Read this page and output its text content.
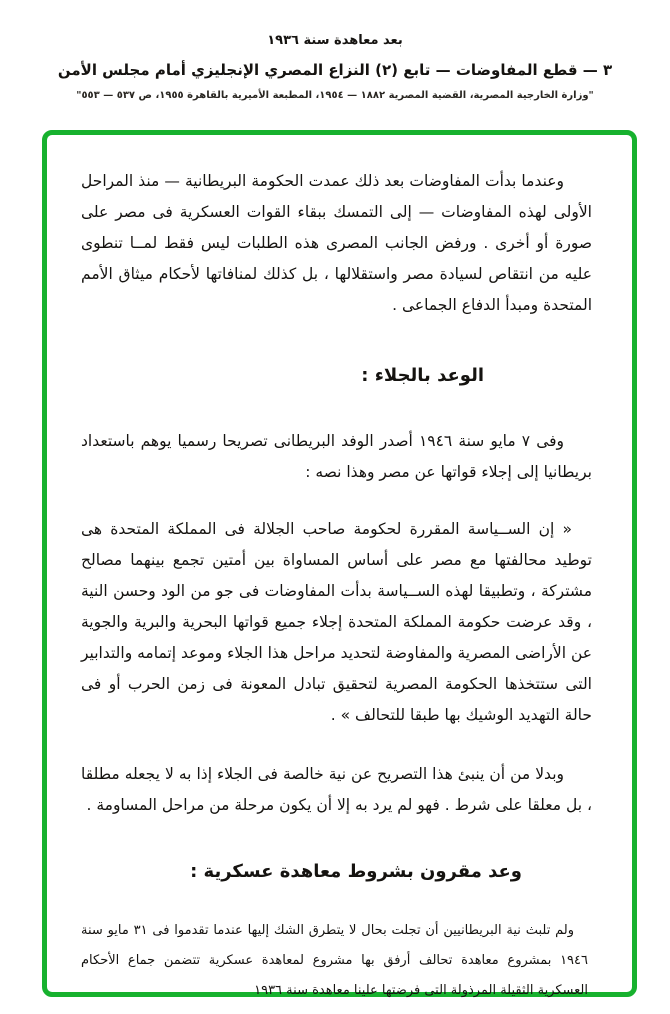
بعد معاهدة سنة ١٩٣٦
٣ — قطع المفاوضات — تابع (٢) النزاع المصري الإنجليزي أمام مجلس الأمن
"وزارة الخارجية المصرية، القضية المصرية ١٨٨٢ — ١٩٥٤، المطبعة الأميرية بالقاهرة ١٩٥٥، ص ٥٣٧ — ٥٥٣"

وعندما بدأت المفاوضات بعد ذلك عمدت الحكومة البريطانية — منذ المراحل الأولى لهذه المفاوضات — إلى التمسك ببقاء القوات العسكرية فى مصر على صورة أو أخرى . ورفض الجانب المصرى هذه الطلبات ليس فقط لمــا تنطوى عليه من انتقاص لسيادة مصر واستقلالها ، بل كذلك لمنافاتها لأحكام ميثاق الأمم المتحدة ومبدأ الدفاع الجماعى .

الوعد بالجلاء :

وفى ٧ مايو سنة ١٩٤٦ أصدر الوفد البريطانى تصريحا رسميا يوهم باستعداد بريطانيا إلى إجلاء قواتها عن مصر وهذا نصه :

« إن الســياسة المقررة لحكومة صاحب الجلالة فى المملكة المتحدة هى توطيد محالفتها مع مصر على أساس المساواة بين أمتين تجمع بينهما مصالح مشتركة ، وتطبيقا لهذه الســياسة بدأت المفاوضات فى جو من الود وحسن النية ، وقد عرضت حكومة المملكة المتحدة إجلاء جميع قواتها البحرية والبرية والجوية عن الأراضى المصرية والمفاوضة لتحديد مراحل هذا الجلاء وموعد إتمامه والتدابير التى ستتخذها الحكومة المصرية لتحقيق تبادل المعونة فى زمن الحرب أو فى حالة التهديد الوشيك بها طبقا للتحالف » .

وبدلا من أن ينبئ هذا التصريح عن نية خالصة فى الجلاء إذا به لا يجعله مطلقا ، بل معلقا على شرط . فهو لم يرد به إلا أن يكون مرحلة من مراحل المساومة .

وعد مقرون بشروط معاهدة عسكرية :

ولم تلبث نية البريطانيين أن تجلت بحال لا يتطرق الشك إليها عندما تقدموا فى ٣١ مايو سنة ١٩٤٦ بمشروع معاهدة تحالف أرفق بها مشروع لمعاهدة عسكرية تتضمن جماع الأحكام العسكرية الثقيلة المرذولة التى فرضتها علينا معاهدة سنة ١٩٣٦
